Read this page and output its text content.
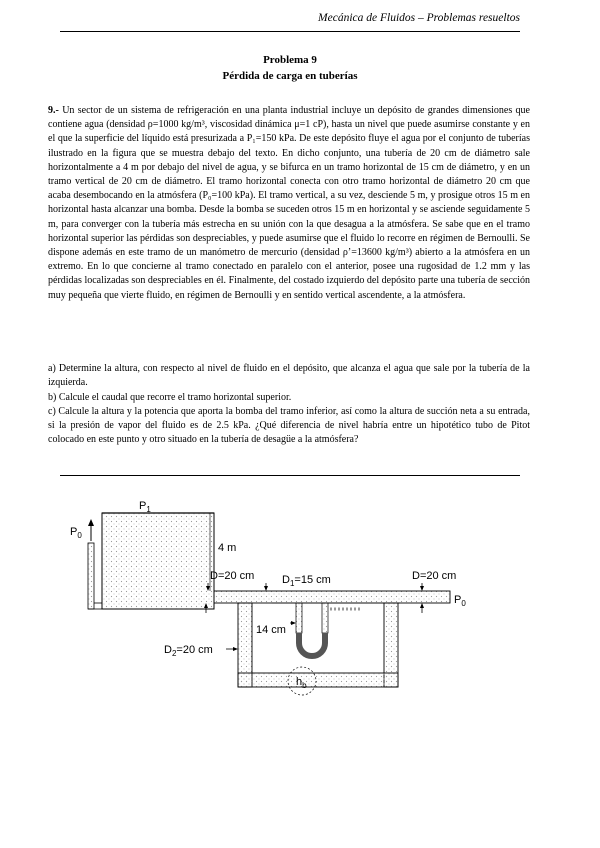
Mecánica de Fluidos – Problemas resueltos
Problema 9
Pérdida de carga en tuberías

9.- Un sector de un sistema de refrigeración en una planta industrial incluye un depósito de grandes dimensiones que contiene agua (densidad ρ=1000 kg/m³, viscosidad dinámica μ=1 cP), hasta un nivel que puede asumirse constante y en el que la superficie del líquido está presurizada a P₁=150 kPa. De este depósito fluye el agua por el conjunto de tuberías ilustrado en la figura que se muestra debajo del texto. En dicho conjunto, una tubería de 20 cm de diámetro sale horizontalmente a 4 m por debajo del nivel de agua, y se bifurca en un tramo horizontal de 15 cm de diámetro, y en un tramo vertical de 20 cm de diámetro. El tramo horizontal conecta con otro tramo horizontal de diámetro 20 cm que acaba desembocando en la atmósfera (P₀=100 kPa). El tramo vertical, a su vez, desciende 5 m, y prosigue otros 15 m en horizontal hasta alcanzar una bomba. Desde la bomba se suceden otros 15 m en horizontal y se asciende seguidamente 5 m, para converger con la tubería más estrecha en su unión con la que desagua a la atmósfera. Se sabe que en el tramo horizontal superior las pérdidas son despreciables, y puede asumirse que el fluido lo recorre en régimen de Bernoulli. Se dispone además en este tramo de un manómetro de mercurio (densidad ρ’=13600 kg/m³) abierto a la atmósfera en un extremo. En lo que concierne al tramo conectado en paralelo con el anterior, posee una rugosidad de 1.2 mm y las pérdidas localizadas son despreciables en él. Finalmente, del costado izquierdo del depósito parte una tubería de sección muy pequeña que vierte fluido, en régimen de Bernoulli y en sentido vertical ascendente, a la atmósfera.

a) Determine la altura, con respecto al nivel de fluido en el depósito, que alcanza el agua que sale por la tubería de la izquierda.
b) Calcule el caudal que recorre el tramo horizontal superior.
c) Calcule la altura y la potencia que aporta la bomba del tramo inferior, así como la altura de succión neta a su entrada, si la presión de vapor del fluido es de 2.5 kPa. ¿Qué diferencia de nivel habría entre un hipotético tubo de Pitot colocado en este punto y otro situado en la tubería de desagüe a la atmósfera?
$P_1$
$P_0$
4 m
D=20 cm	$D_1=15$ cm	D=20 cm
$P_0$
14 cm
$D_2=20$ cm
$h_b$
